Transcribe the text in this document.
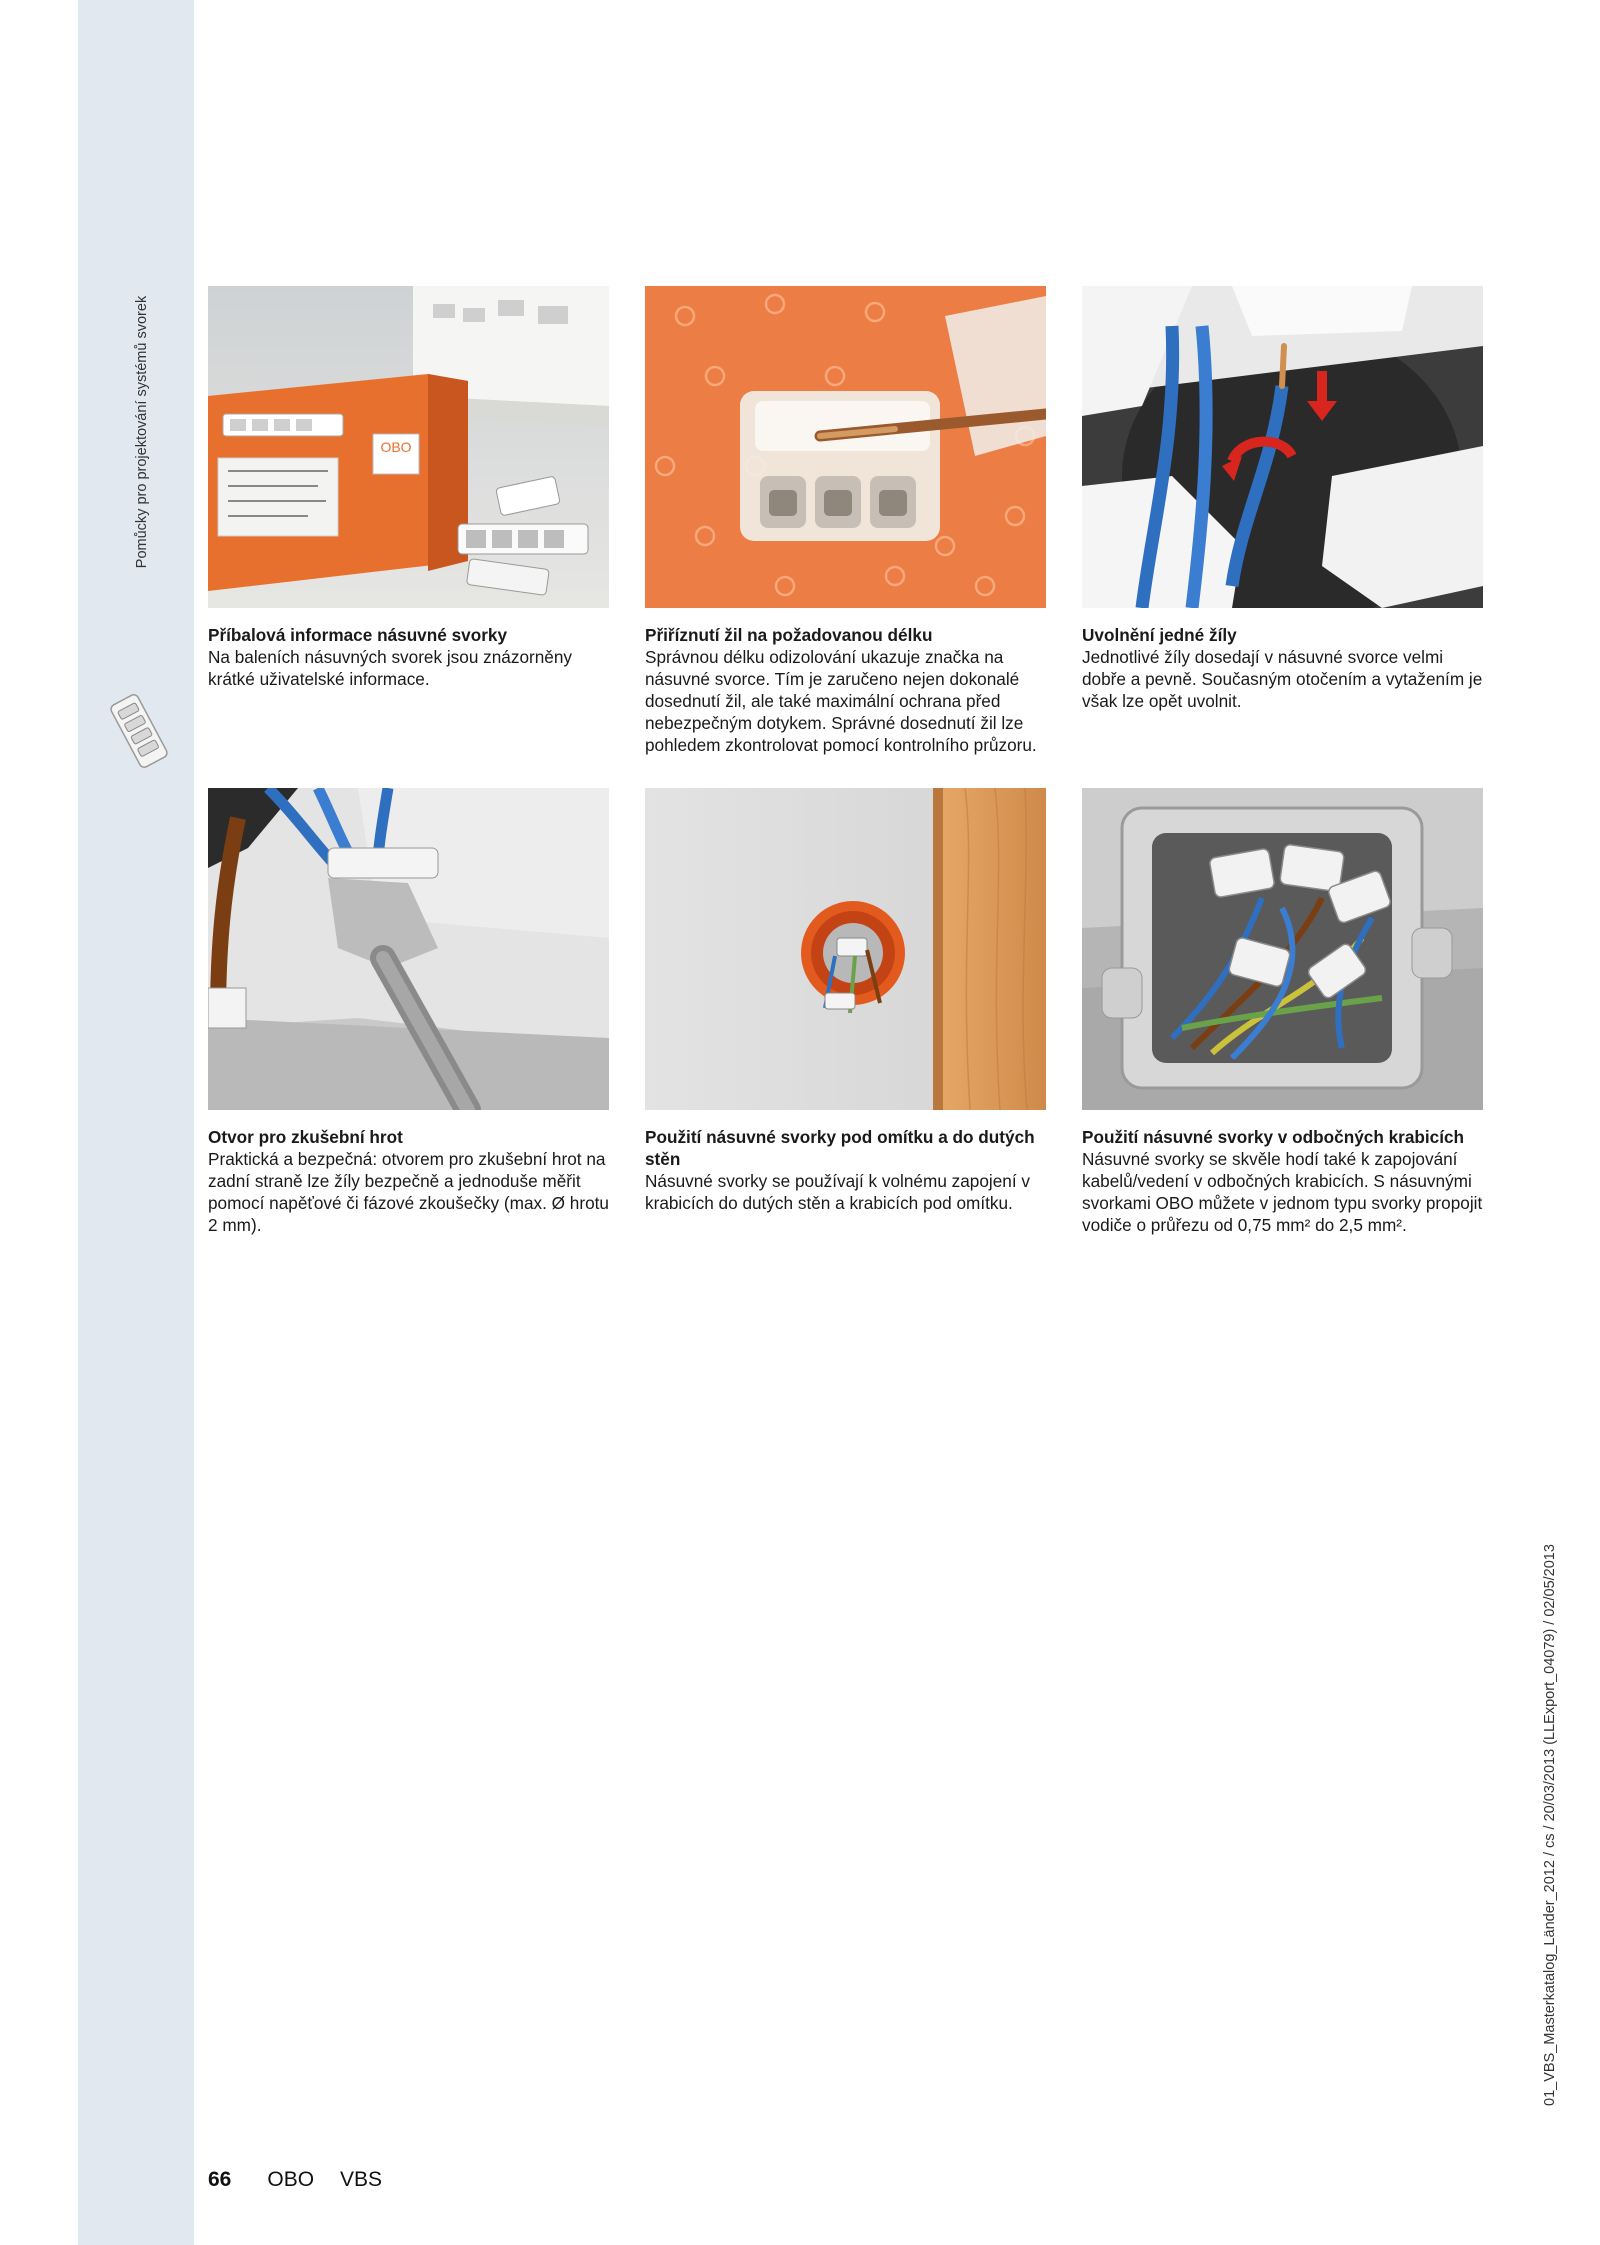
Pomůcky pro projektování systémů svorek	OBO
Příbalová informace násuvné svorky
Na baleních násuvných svorek jsou znázorněny krátké uživatelské informace.
Přiříznutí žil na požadovanou délku
Správnou délku odizolování ukazuje značka na násuvné svorce. Tím je zaručeno nejen dokonalé dosednutí žil, ale také maximální ochrana před nebezpečným dotykem. Správné dosednutí žil lze pohledem zkontrolovat pomocí kontrolního průzoru.
Uvolnění jedné žíly
Jednotlivé žíly dosedají v násuvné svorce velmi dobře a pevně. Současným otočením a vytažením je však lze opět uvolnit.
Otvor pro zkušební hrot
Praktická a bezpečná: otvorem pro zkušební hrot na zadní straně lze žíly bezpečně a jednoduše měřit pomocí napěťové či fázové zkoušečky (max. Ø hrotu 2 mm).
Použití násuvné svorky pod omítku a do dutých stěn
Násuvné svorky se používají k volnému zapojení v krabicích do dutých stěn a krabicích pod omítku.
Použití násuvné svorky v odbočných krabicích
Násuvné svorky se skvěle hodí také k zapojování kabelů/vedení v odbočných krabicích. S násuvnými svorkami OBO můžete v jednom typu svorky propojit vodiče o průřezu od 0,75 mm² do 2,5 mm².
66 OBO VBS
01_VBS_Masterkatalog_Länder_2012 / cs / 20/03/2013 (LLExport_04079) / 02/05/2013
